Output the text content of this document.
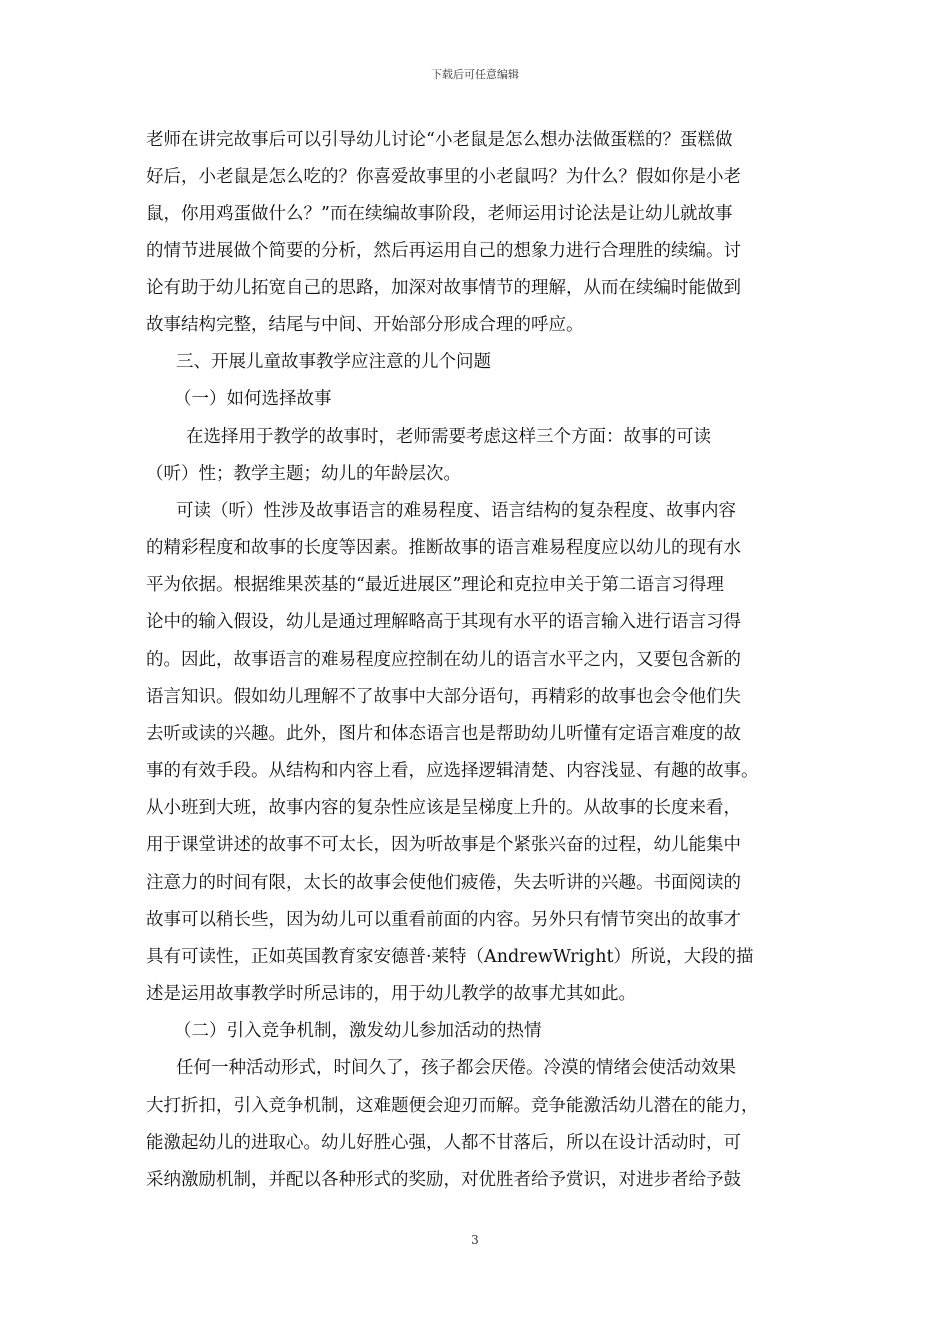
下载后可任意编辑
老师在讲完故事后可以引导幼儿讨论“小老鼠是怎么想办法做蛋糕的？蛋糕做
好后，小老鼠是怎么吃的？你喜爱故事里的小老鼠吗？为什么？假如你是小老
鼠，你用鸡蛋做什么？”而在续编故事阶段，老师运用讨论法是让幼儿就故事
的情节进展做个简要的分析，然后再运用自己的想象力进行合理胜的续编。讨
论有助于幼儿拓宽自己的思路，加深对故事情节的理解，从而在续编时能做到
故事结构完整，结尾与中间、开始部分形成合理的呼应。
三、开展儿童故事教学应注意的儿个问题
（一）如何选择故事
在选择用于教学的故事时，老师需要考虑这样三个方面：故事的可读
（听）性；教学主题；幼儿的年龄层次。
可读（听）性涉及故事语言的难易程度、语言结构的复杂程度、故事内容
的精彩程度和故事的长度等因素。推断故事的语言难易程度应以幼儿的现有水
平为依据。根据维果茨基的“最近进展区”理论和克拉申关于第二语言习得理
论中的输入假设，幼儿是通过理解略高于其现有水平的语言输入进行语言习得
的。因此，故事语言的难易程度应控制在幼儿的语言水平之内，又要包含新的
语言知识。假如幼儿理解不了故事中大部分语句，再精彩的故事也会令他们失
去听或读的兴趣。此外，图片和体态语言也是帮助幼儿听懂有定语言难度的故
事的有效手段。从结构和内容上看，应选择逻辑清楚、内容浅显、有趣的故事。
从小班到大班，故事内容的复杂性应该是呈梯度上升的。从故事的长度来看，
用于课堂讲述的故事不可太长，因为听故事是个紧张兴奋的过程，幼儿能集中
注意力的时间有限，太长的故事会使他们疲倦，失去听讲的兴趣。书面阅读的
故事可以稍长些，因为幼儿可以重看前面的内容。另外只有情节突出的故事才
具有可读性，正如英国教育家安德普·莱特（AndrewWright）所说，大段的描
述是运用故事教学时所忌讳的，用于幼儿教学的故事尤其如此。
（二）引入竞争机制，激发幼儿参加活动的热情
任何一种活动形式，时间久了，孩子都会厌倦。冷漠的情绪会使活动效果
大打折扣，引入竞争机制，这难题便会迎刃而解。竞争能激活幼儿潜在的能力，
能激起幼儿的进取心。幼儿好胜心强，人都不甘落后，所以在设计活动时，可
采纳激励机制，并配以各种形式的奖励，对优胜者给予赏识，对进步者给予鼓
3
